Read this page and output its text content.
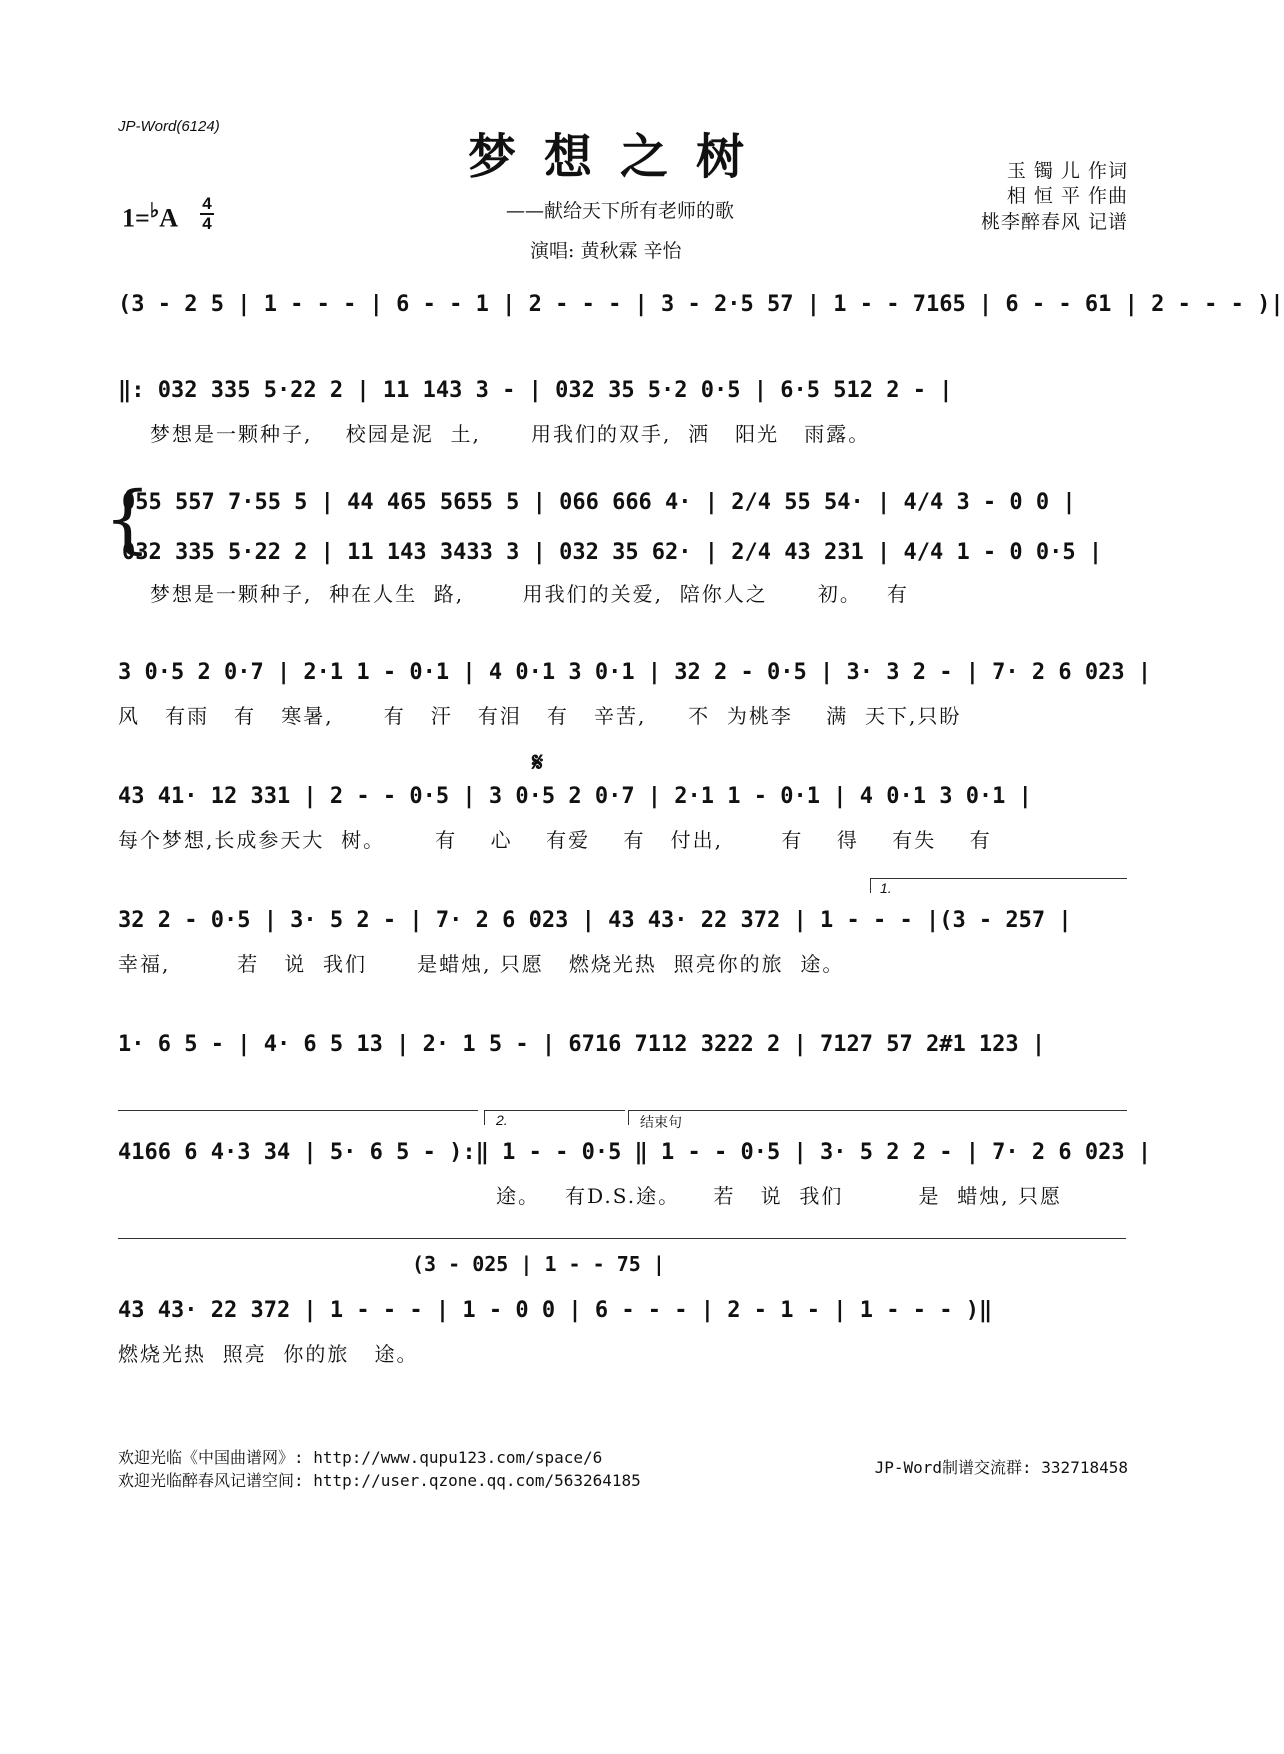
JP-Word(6124)
梦想之树
——献给天下所有老师的歌
演唱: 黄秋霖 辛怡
1=♭A
4
4
玉 镯 儿 作词
相 恒 平 作曲
桃李醉春风 记谱
(3 - 2 5 | 1 - - - | 6 - - 1 | 2 - - - | 3 - 2·5 57 | 1 - - 7165 | 6 - - 61 | 2 - - - )|
‖: 032 335 5·22 2 | 11 143 3 - | 032 35 5·2 0·5 | 6·5 512 2 - |
梦想是一颗种子,    校园是泥  土,      用我们的双手,  洒   阳光   雨露。
{
055 557 7·55 5 | 44 465 5655 5 | 066 666 4· | 2/4 55 54· | 4/4 3 - 0 0 |
032 335 5·22 2 | 11 143 3433 3 | 032 35 62· | 2/4 43 231 | 4/4 1 - 0 0·5 |
梦想是一颗种子,  种在人生  路,       用我们的关爱,  陪你人之      初。   有
3 0·5 2 0·7 | 2·1 1 - 0·1 | 4 0·1 3 0·1 | 32 2 - 0·5 | 3· 3 2 - | 7· 2 6 023 |
风   有雨   有   寒暑,      有   汗   有泪   有   辛苦,     不  为桃李    满  天下,只盼
𝄋
43 41· 12 331 | 2 - - 0·5 | 3 0·5 2 0·7 | 2·1 1 - 0·1 | 4 0·1 3 0·1 |
每个梦想,长成参天大  树。      有    心    有爱    有   付出,       有    得    有失    有
1.
32 2 - 0·5 | 3· 5 2 - | 7· 2 6 023 | 43 43· 22 372 | 1 - - - |(3 - 257 |
幸福,        若   说  我们      是蜡烛, 只愿   燃烧光热  照亮你的旅  途。
1· 6 5 - | 4· 6 5 13 | 2· 1 5 - | 6716 7112 3222 2 | 7127 57 2#1 123 |
2.	结束句
4166 6 4·3 34 | 5· 6 5 - ):‖ 1 - - 0·5 ‖ 1 - - 0·5 | 3· 5 2 2 - | 7· 2 6 023 |
途。   有D.S.途。    若   说  我们         是  蜡烛, 只愿
(3 - 025 | 1 - - 75 |
43 43· 22 372 | 1 - - - | 1 - 0 0 | 6 - - - | 2 - 1 - | 1 - - - )‖
燃烧光热  照亮  你的旅   途。
欢迎光临《中国曲谱网》: http://www.qupu123.com/space/6
欢迎光临醉春风记谱空间: http://user.qzone.qq.com/563264185
JP-Word制谱交流群: 332718458
